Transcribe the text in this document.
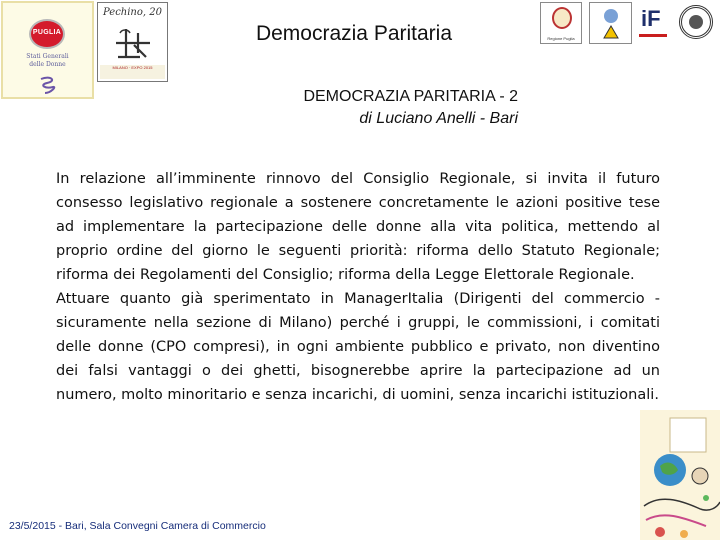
PUGLIA
Stati Generali
delle Donne
Pechino, 20
MILANO · EXPO 2015
Democrazia Paritaria	Regione Puglia
iF
DEMOCRAZIA PARITARIA - 2
di Luciano Anelli - Bari

In relazione all’imminente rinnovo del Consiglio Regionale, si invita il futuro consesso legislativo regionale a sostenere concretamente le azioni positive tese ad implementare la partecipazione delle donne alla vita politica, mettendo al proprio ordine del giorno le seguenti priorità: riforma dello Statuto Regionale; riforma dei Regolamenti del Consiglio; riforma della Legge Elettorale Regionale.

Attuare quanto già sperimentato in ManagerItalia (Dirigenti del commercio - sicuramente nella sezione di Milano) perché i gruppi, le commissioni, i comitati delle donne (CPO compresi), in ogni ambiente pubblico e privato, non diventino dei falsi vantaggi o dei ghetti, bisognerebbe aprire la partecipazione ad un numero, molto minoritario e senza incarichi, di uomini, senza incarichi istituzionali.

23/5/2015 - Bari, Sala Convegni Camera di Commercio
